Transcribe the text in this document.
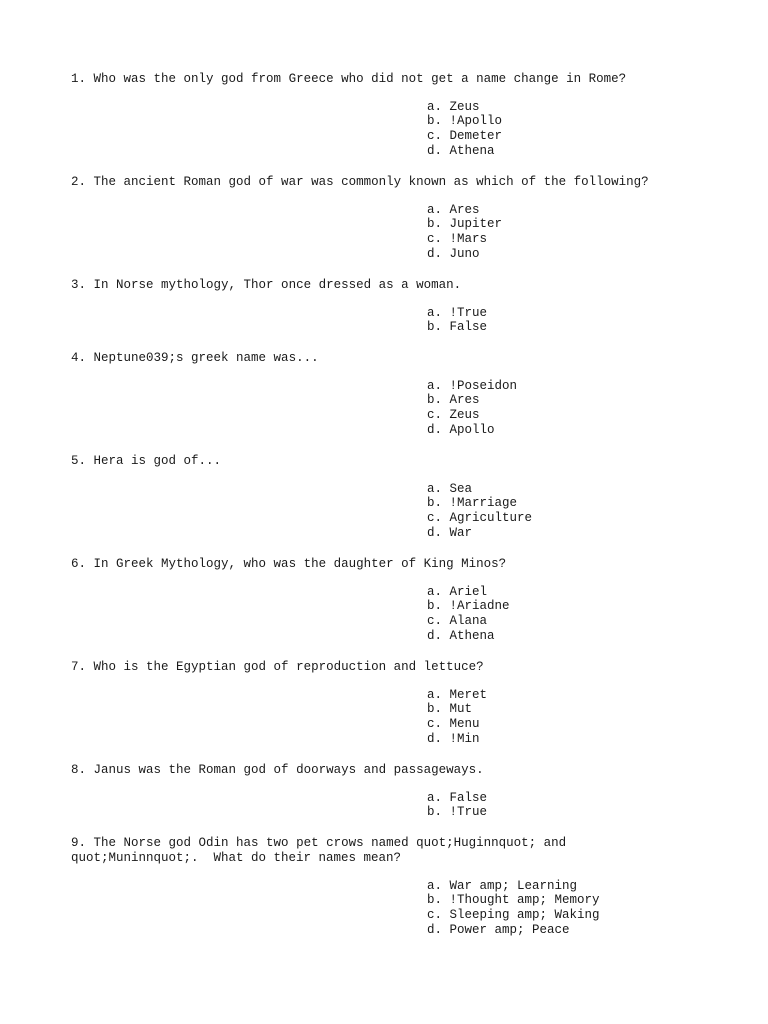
1. Who was the only god from Greece who did not get a name change in Rome?

a. Zeus
b. !Apollo
c. Demeter
d. Athena

2. The ancient Roman god of war was commonly known as which of the following?

a. Ares
b. Jupiter
c. !Mars
d. Juno

3. In Norse mythology, Thor once dressed as a woman.

a. !True
b. False

4. Neptune039;s greek name was...

a. !Poseidon
b. Ares
c. Zeus
d. Apollo

5. Hera is god of...

a. Sea
b. !Marriage
c. Agriculture
d. War

6. In Greek Mythology, who was the daughter of King Minos?

a. Ariel
b. !Ariadne
c. Alana
d. Athena

7. Who is the Egyptian god of reproduction and lettuce?

a. Meret
b. Mut
c. Menu
d. !Min

8. Janus was the Roman god of doorways and passageways.

a. False
b. !True

9. The Norse god Odin has two pet crows named quot;Huginnquot; and

quot;Muninnquot;.  What do their names mean?

a. War amp; Learning
b. !Thought amp; Memory
c. Sleeping amp; Waking
d. Power amp; Peace
